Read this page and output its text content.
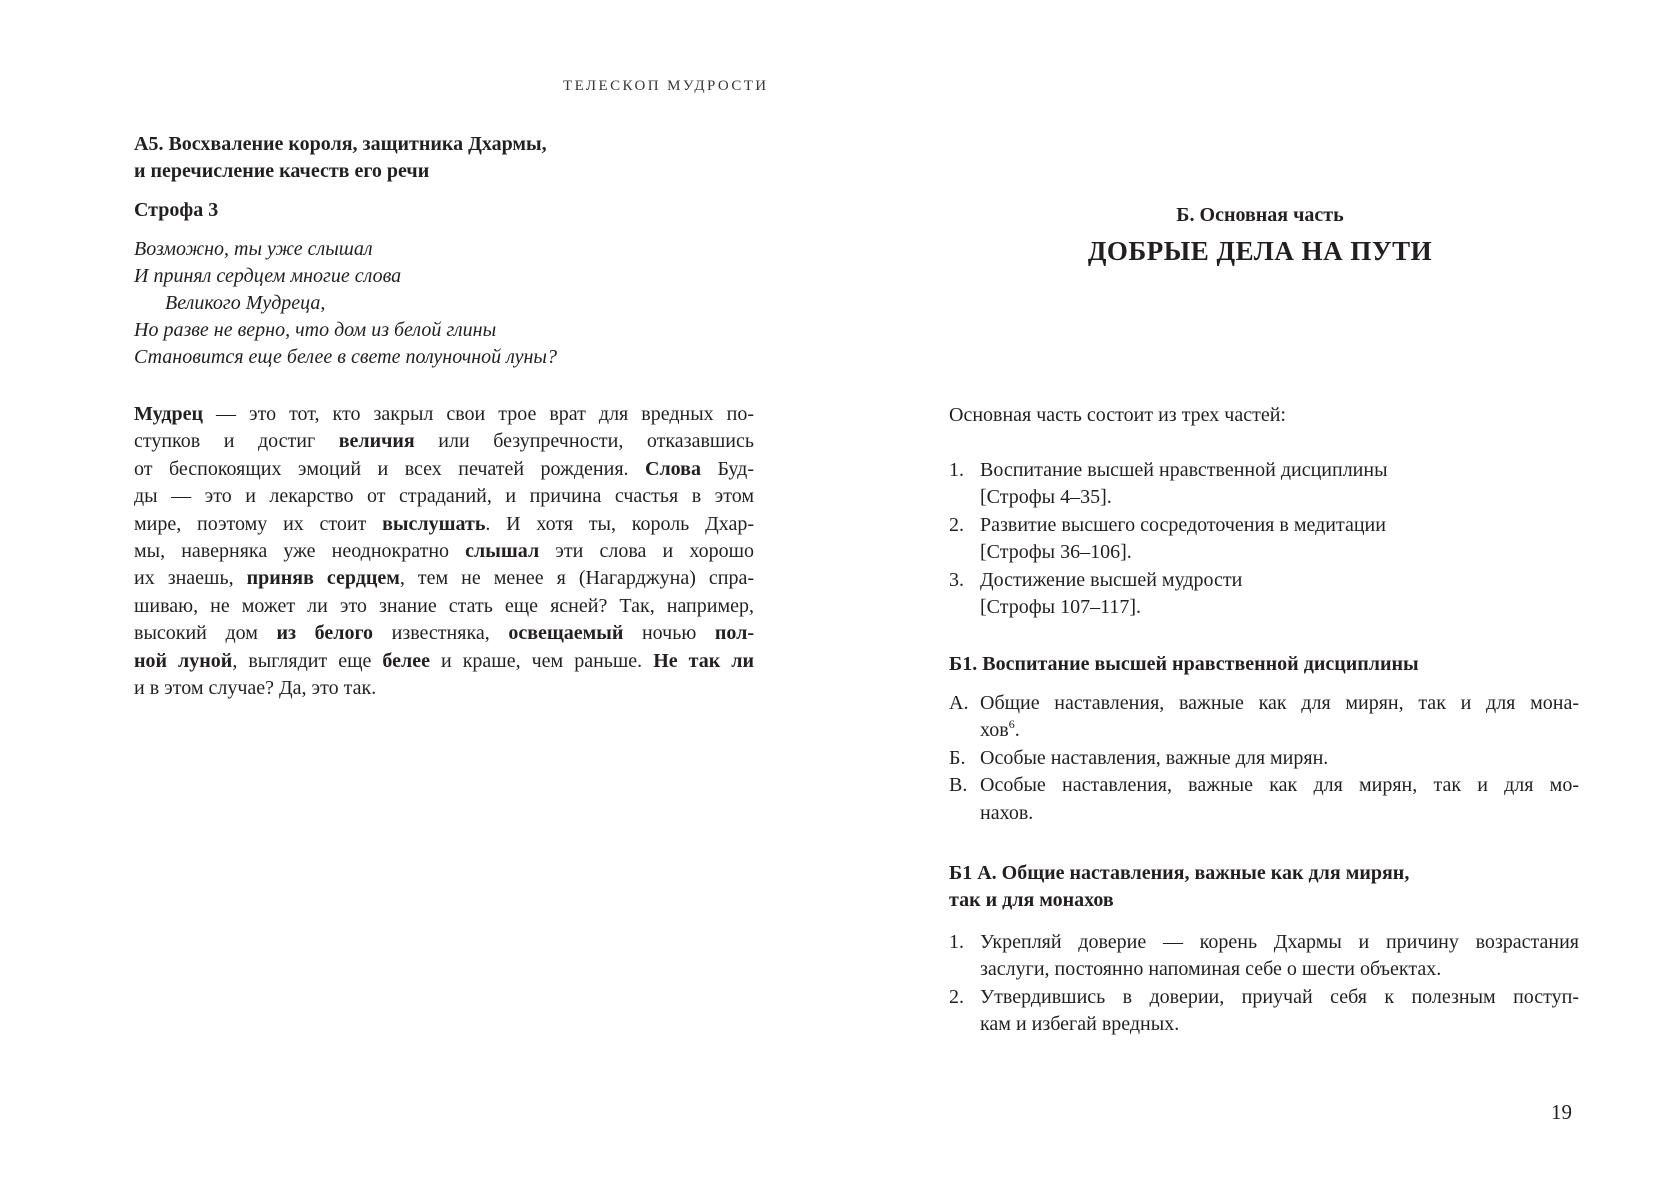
ТЕЛЕСКОП МУДРОСТИ
А5. Восхваление короля, защитника Дхармы,
и перечисление качеств его речи
Строфа 3
Возможно, ты уже слышал
И принял сердцем многие слова
Великого Мудреца,
Но разве не верно, что дом из белой глины
Становится еще белее в свете полуночной луны?

Мудрец — это тот, кто закрыл свои трое врат для вредных по-
ступков и достиг величия или безупречности, отказавшись
от беспокоящих эмоций и всех печатей рождения. Слова Буд-
ды — это и лекарство от страданий, и причина счастья в этом
мире, поэтому их стоит выслушать. И хотя ты, король Дхар-
мы, наверняка уже неоднократно слышал эти слова и хорошо
их знаешь, приняв сердцем, тем не менее я (Нагарджуна) спра-
шиваю, не может ли это знание стать еще ясней? Так, например,
высокий дом из белого известняка, освещаемый ночью пол-
ной луной, выглядит еще белее и краше, чем раньше. Не так ли
и в этом случае? Да, это так.

Б. Основная часть
ДОБРЫЕ ДЕЛА НА ПУТИ

Основная часть состоит из трех частей:

1. Воспитание высшей нравственной дисциплины
[Строфы 4–35].
2. Развитие высшего сосредоточения в медитации
[Строфы 36–106].
3. Достижение высшей мудрости
[Строфы 107–117].
Б1. Воспитание высшей нравственной дисциплины
А. Общие наставления, важные как для мирян, так и для мона-
хов$^6$.
Б. Особые наставления, важные для мирян.
В. Особые наставления, важные как для мирян, так и для мо-
нахов.
Б1 А. Общие наставления, важные как для мирян,
так и для монахов
1. Укрепляй доверие — корень Дхармы и причину возрастания
заслуги, постоянно напоминая себе о шести объектах.
2. Утвердившись в доверии, приучай себя к полезным поступ-
кам и избегай вредных.
19
